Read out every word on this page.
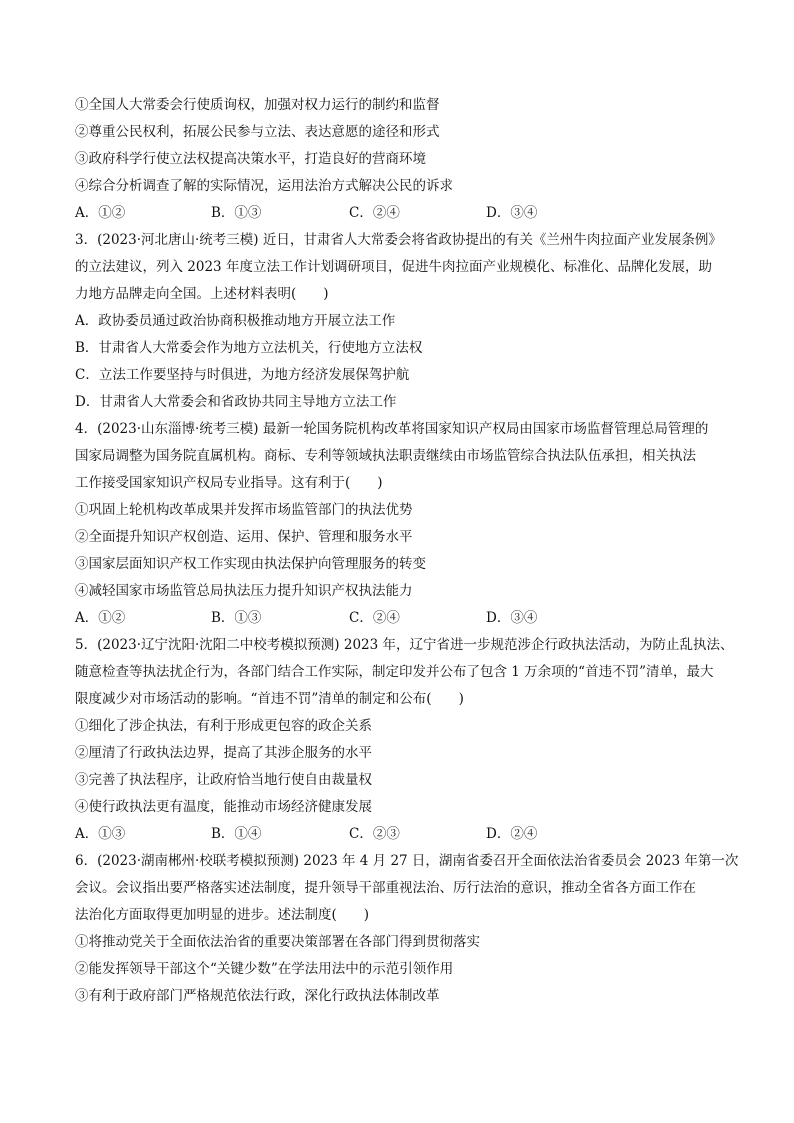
①全国人大常委会行使质询权，加强对权力运行的制约和监督
②尊重公民权利，拓展公民参与立法、表达意愿的途径和形式
③政府科学行使立法权提高决策水平，打造良好的营商环境
④综合分析调查了解的实际情况，运用法治方式解决公民的诉求
A．①②	B．①③	C．②④	D．③④
3．(2023·河北唐山·统考三模) 近日，甘肃省人大常委会将省政协提出的有关《兰州牛肉拉面产业发展条例》
的立法建议，列入 2023 年度立法工作计划调研项目，促进牛肉拉面产业规模化、标准化、品牌化发展，助
力地方品牌走向全国。上述材料表明(　　)
A．政协委员通过政治协商积极推动地方开展立法工作
B．甘肃省人大常委会作为地方立法机关，行使地方立法权
C．立法工作要坚持与时俱进，为地方经济发展保驾护航
D．甘肃省人大常委会和省政协共同主导地方立法工作
4．(2023·山东淄博·统考三模) 最新一轮国务院机构改革将国家知识产权局由国家市场监督管理总局管理的
国家局调整为国务院直属机构。商标、专利等领域执法职责继续由市场监管综合执法队伍承担，相关执法
工作接受国家知识产权局专业指导。这有利于(　　)
①巩固上轮机构改革成果并发挥市场监管部门的执法优势
②全面提升知识产权创造、运用、保护、管理和服务水平
③国家层面知识产权工作实现由执法保护向管理服务的转变
④减轻国家市场监管总局执法压力提升知识产权执法能力
A．①②	B．①③	C．②④	D．③④
5．(2023·辽宁沈阳·沈阳二中校考模拟预测) 2023 年，辽宁省进一步规范涉企行政执法活动，为防止乱执法、
随意检查等执法扰企行为，各部门结合工作实际，制定印发并公布了包含 1 万余项的“首违不罚”清单，最大
限度减少对市场活动的影响。“首违不罚”清单的制定和公布(　　)
①细化了涉企执法，有利于形成更包容的政企关系
②厘清了行政执法边界，提高了其涉企服务的水平
③完善了执法程序，让政府恰当地行使自由裁量权
④使行政执法更有温度，能推动市场经济健康发展
A．①③	B．①④	C．②③	D．②④
6．(2023·湖南郴州·校联考模拟预测) 2023 年 4 月 27 日，湖南省委召开全面依法治省委员会 2023 年第一次
会议。会议指出要严格落实述法制度，提升领导干部重视法治、厉行法治的意识，推动全省各方面工作在
法治化方面取得更加明显的进步。述法制度(　　)
①将推动党关于全面依法治省的重要决策部署在各部门得到贯彻落实
②能发挥领导干部这个“关键少数”在学法用法中的示范引领作用
③有利于政府部门严格规范依法行政，深化行政执法体制改革
